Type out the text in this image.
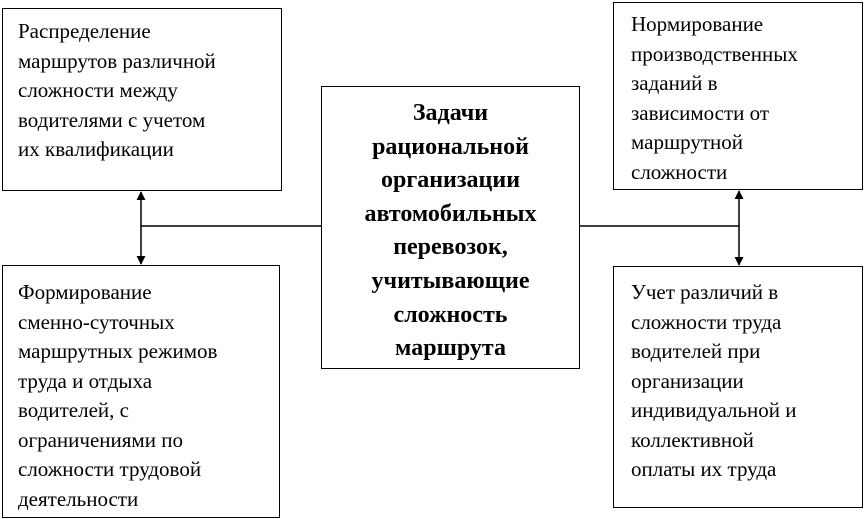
Распределение
маршрутов различной
сложности между
водителями с учетом
их квалификации
Формирование
сменно-суточных
маршрутных режимов
труда и отдыха
водителей, с
ограничениями по
сложности трудовой
деятельности
Задачи
рациональной
организации
автомобильных
перевозок,
учитывающие
сложность
маршрута
Нормирование
производственных
заданий в
зависимости от
маршрутной
сложности
Учет различий в
сложности труда
водителей при
организации
индивидуальной и
коллективной
оплаты их труда
